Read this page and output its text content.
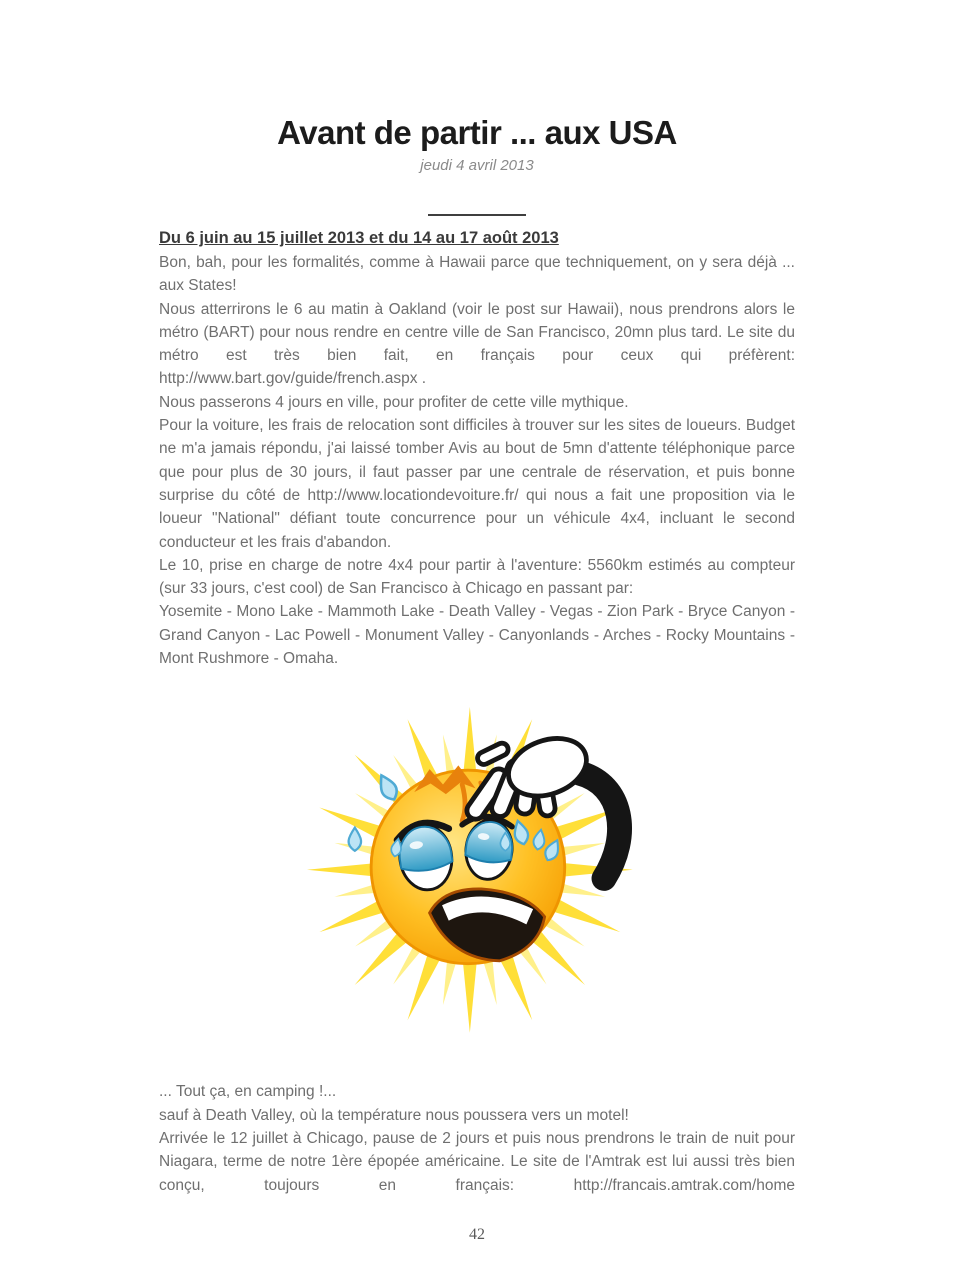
Avant de partir ... aux USA
jeudi 4 avril 2013
Du 6 juin au 15 juillet 2013 et du 14 au 17 août 2013

Bon, bah, pour les formalités, comme à Hawaii parce que techniquement, on y sera déjà ... aux States!

Nous atterrirons le 6 au matin à Oakland (voir le post sur Hawaii), nous prendrons alors le métro (BART) pour nous rendre en centre ville de San Francisco, 20mn plus tard. Le site du métro est très bien fait, en français pour ceux qui préfèrent: http://www.bart.gov/guide/french.aspx .

Nous passerons 4 jours en ville, pour profiter de cette ville mythique.

Pour la voiture, les frais de relocation sont difficiles à trouver sur les sites de loueurs. Budget ne m'a jamais répondu, j'ai laissé tomber Avis au bout de 5mn d'attente téléphonique parce que pour plus de 30 jours, il faut passer par une centrale de réservation, et puis bonne surprise du côté de http://www.locationdevoiture.fr/ qui nous a fait une proposition via le loueur "National" défiant toute concurrence pour un véhicule 4x4, incluant le second conducteur et les frais d'abandon.

Le 10, prise en charge de notre 4x4 pour partir à l'aventure: 5560km estimés au compteur (sur 33 jours, c'est cool) de San Francisco à Chicago en passant par:

Yosemite - Mono Lake - Mammoth Lake - Death Valley - Vegas - Zion Park - Bryce Canyon - Grand Canyon - Lac Powell - Monument Valley - Canyonlands - Arches - Rocky Mountains - Mont Rushmore - Omaha.

... Tout ça, en camping !...

sauf à Death Valley, où la température nous poussera vers un motel!

Arrivée le 12 juillet à Chicago, pause de 2 jours et puis nous prendrons le train de nuit pour Niagara, terme de notre 1ère épopée américaine. Le site de l'Amtrak est lui aussi très bien conçu, toujours en français: http://francais.amtrak.com/home

42
